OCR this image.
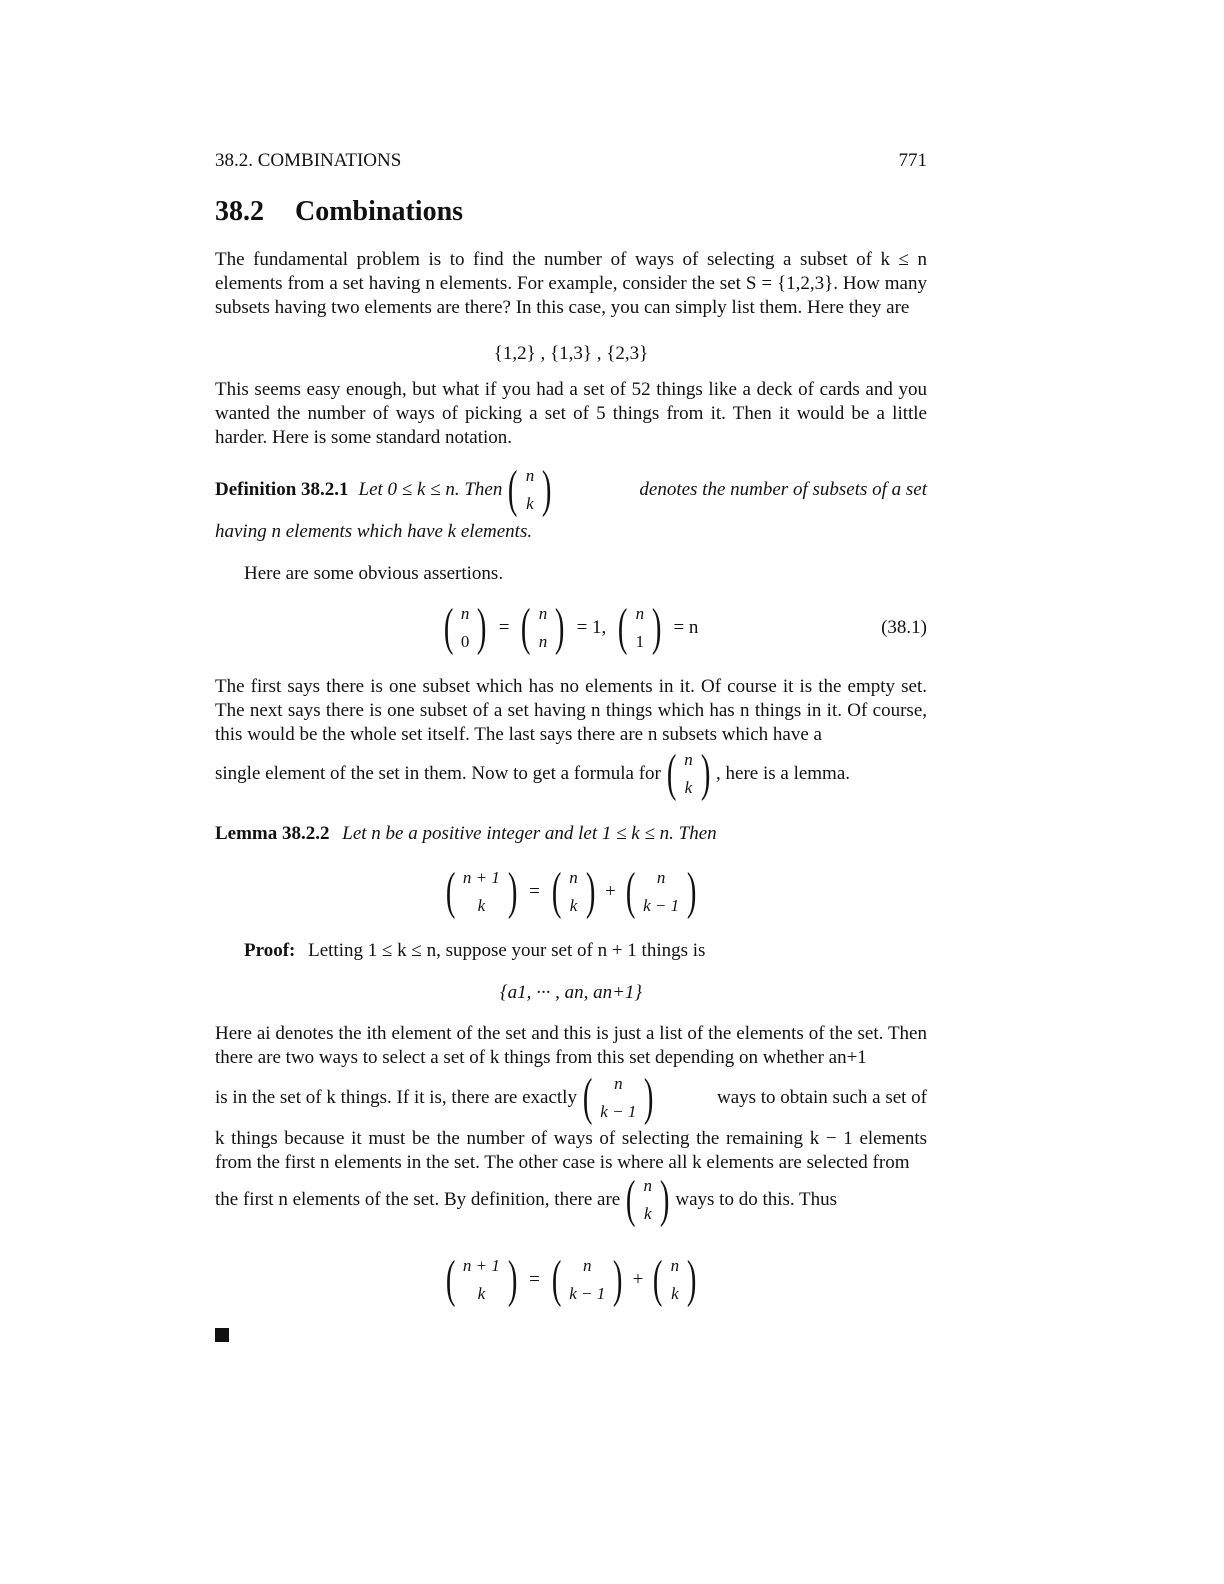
38.2. COMBINATIONS	771
38.2 Combinations
The fundamental problem is to find the number of ways of selecting a subset of k ≤ n elements from a set having n elements. For example, consider the set S = {1,2,3}. How many subsets having two elements are there? In this case, you can simply list them. Here they are
{1,2} , {1,3} , {2,3}
This seems easy enough, but what if you had a set of 52 things like a deck of cards and you wanted the number of ways of picking a set of 5 things from it. Then it would be a little harder. Here is some standard notation.
Definition 38.2.1 Let 0 ≤ k ≤ n. Then ( n
k )	denotes the number of subsets of a set
having n elements which have k elements.
Here are some obvious assertions.
( n
0 ) = ( n
n ) = 1, ( n
1 ) = n	(38.1)
The first says there is one subset which has no elements in it. Of course it is the empty set. The next says there is one subset of a set having n things which has n things in it. Of course, this would be the whole set itself. The last says there are n subsets which have a
single element of the set in them. Now to get a formula for ( n
k ) , here is a lemma.
Lemma 38.2.2 Let n be a positive integer and let 1 ≤ k ≤ n. Then
( n + 1
k ) = ( n
k ) + ( n
k − 1 )
Proof: Letting 1 ≤ k ≤ n, suppose your set of n + 1 things is
{a1, ··· , an, an+1}
Here ai denotes the ith element of the set and this is just a list of the elements of the set. Then there are two ways to select a set of k things from this set depending on whether an+1
is in the set of k things. If it is, there are exactly ( n
k − 1 )	ways to obtain such a set of
k things because it must be the number of ways of selecting the remaining k − 1 elements from the first n elements in the set. The other case is where all k elements are selected from
the first n elements of the set. By definition, there are ( n
k ) ways to do this. Thus
( n + 1
k ) = ( n
k − 1 ) + ( n
k )
